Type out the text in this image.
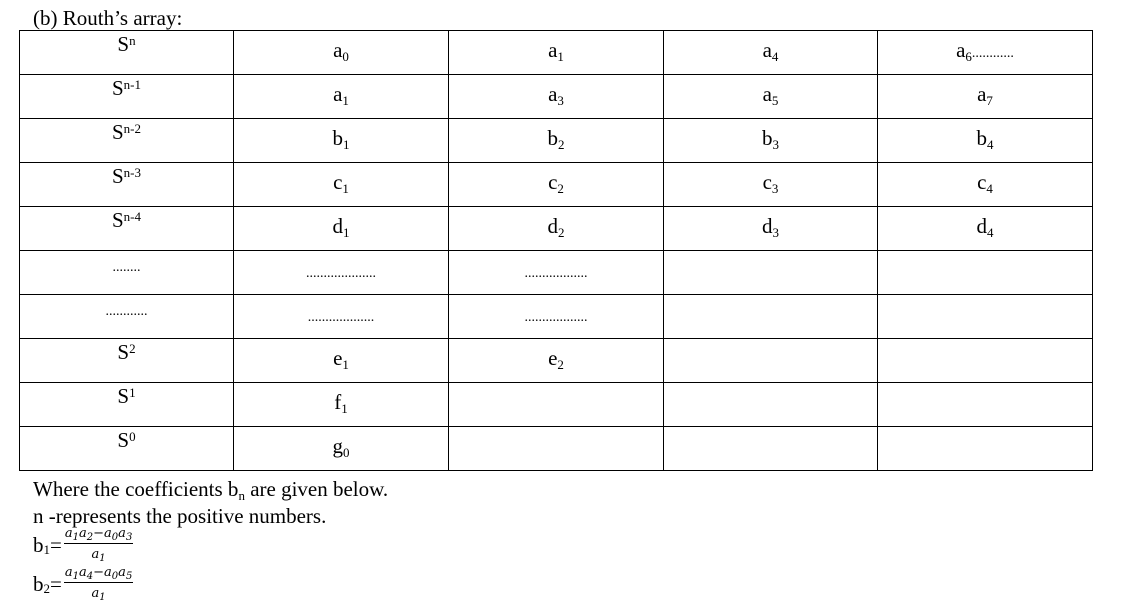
(b) Routh’s array:
$S^n$	$a_0$	$a_1$	$a_4$	$a_6$............

$S^{n-1}$	$a_1$	$a_3$	$a_5$	$a_7$

$S^{n-2}$	$b_1$	$b_2$	$b_3$	$b_4$

$S^{n-3}$	$c_1$	$c_2$	$c_3$	$c_4$

$S^{n-4}$	$d_1$	$d_2$	$d_3$	$d_4$

........	....................	..................		

............	...................	..................		

$S^2$	$e_1$	$e_2$

$S^1$	$f_1$

$S^0$	$g_0$

Where the coefficients $b_n$ are given below.
n -represents the positive numbers.
$b_1 = \frac{a_1a_2-a_0a_3}{a_1}$
$b_2 = \frac{a_1a_4-a_0a_5}{a_1}$
